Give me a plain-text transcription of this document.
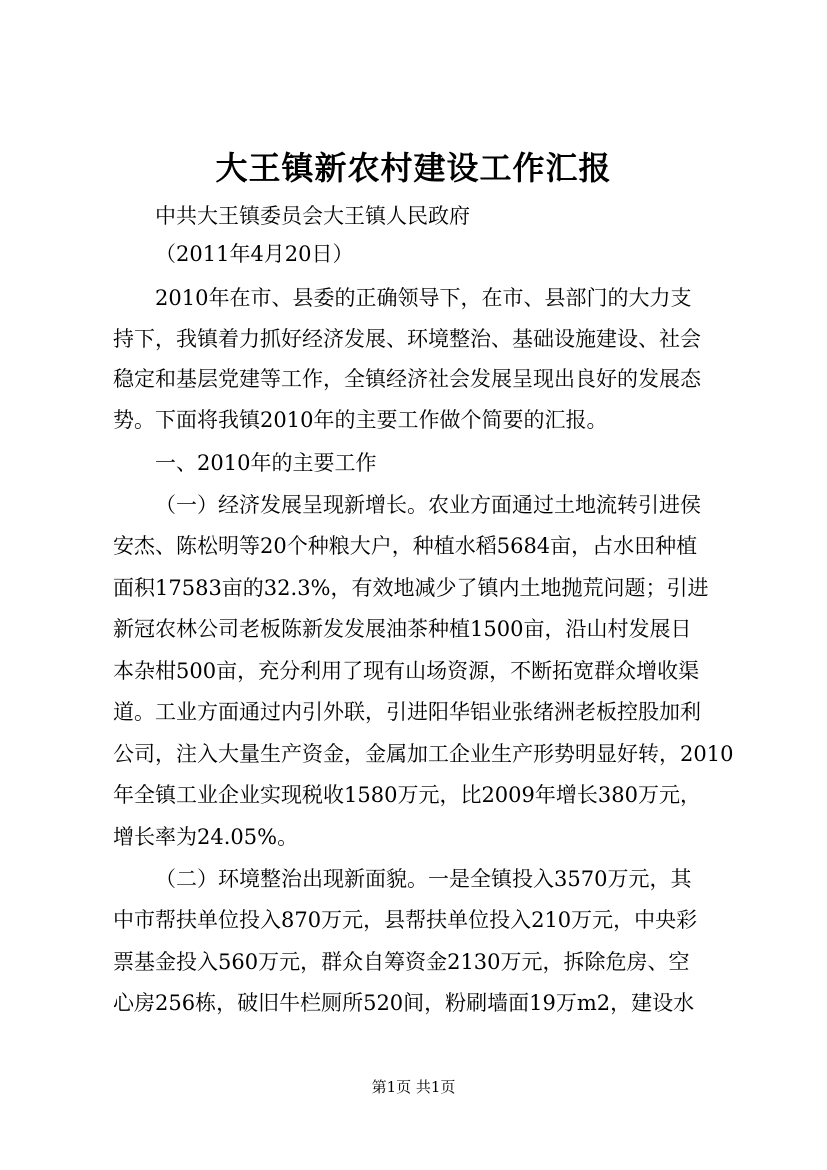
大王镇新农村建设工作汇报
中共大王镇委员会大王镇人民政府
（2011年4月20日）
2010年在市、县委的正确领导下，在市、县部门的大力支
持下，我镇着力抓好经济发展、环境整治、基础设施建设、社会
稳定和基层党建等工作，全镇经济社会发展呈现出良好的发展态
势。下面将我镇2010年的主要工作做个简要的汇报。
一、2010年的主要工作
（一）经济发展呈现新增长。农业方面通过土地流转引进侯
安杰、陈松明等20个种粮大户，种植水稻5684亩，占水田种植
面积17583亩的32.3%，有效地减少了镇内土地抛荒问题；引进
新冠农林公司老板陈新发发展油茶种植1500亩，沿山村发展日
本杂柑500亩，充分利用了现有山场资源，不断拓宽群众增收渠
道。工业方面通过内引外联，引进阳华铝业张绪洲老板控股加利
公司，注入大量生产资金，金属加工企业生产形势明显好转，2010
年全镇工业企业实现税收1580万元，比2009年增长380万元，
增长率为24.05%。
（二）环境整治出现新面貌。一是全镇投入3570万元，其
中市帮扶单位投入870万元，县帮扶单位投入210万元，中央彩
票基金投入560万元，群众自筹资金2130万元，拆除危房、空
心房256栋，破旧牛栏厕所520间，粉刷墙面19万m2，建设水
第1页 共1页
